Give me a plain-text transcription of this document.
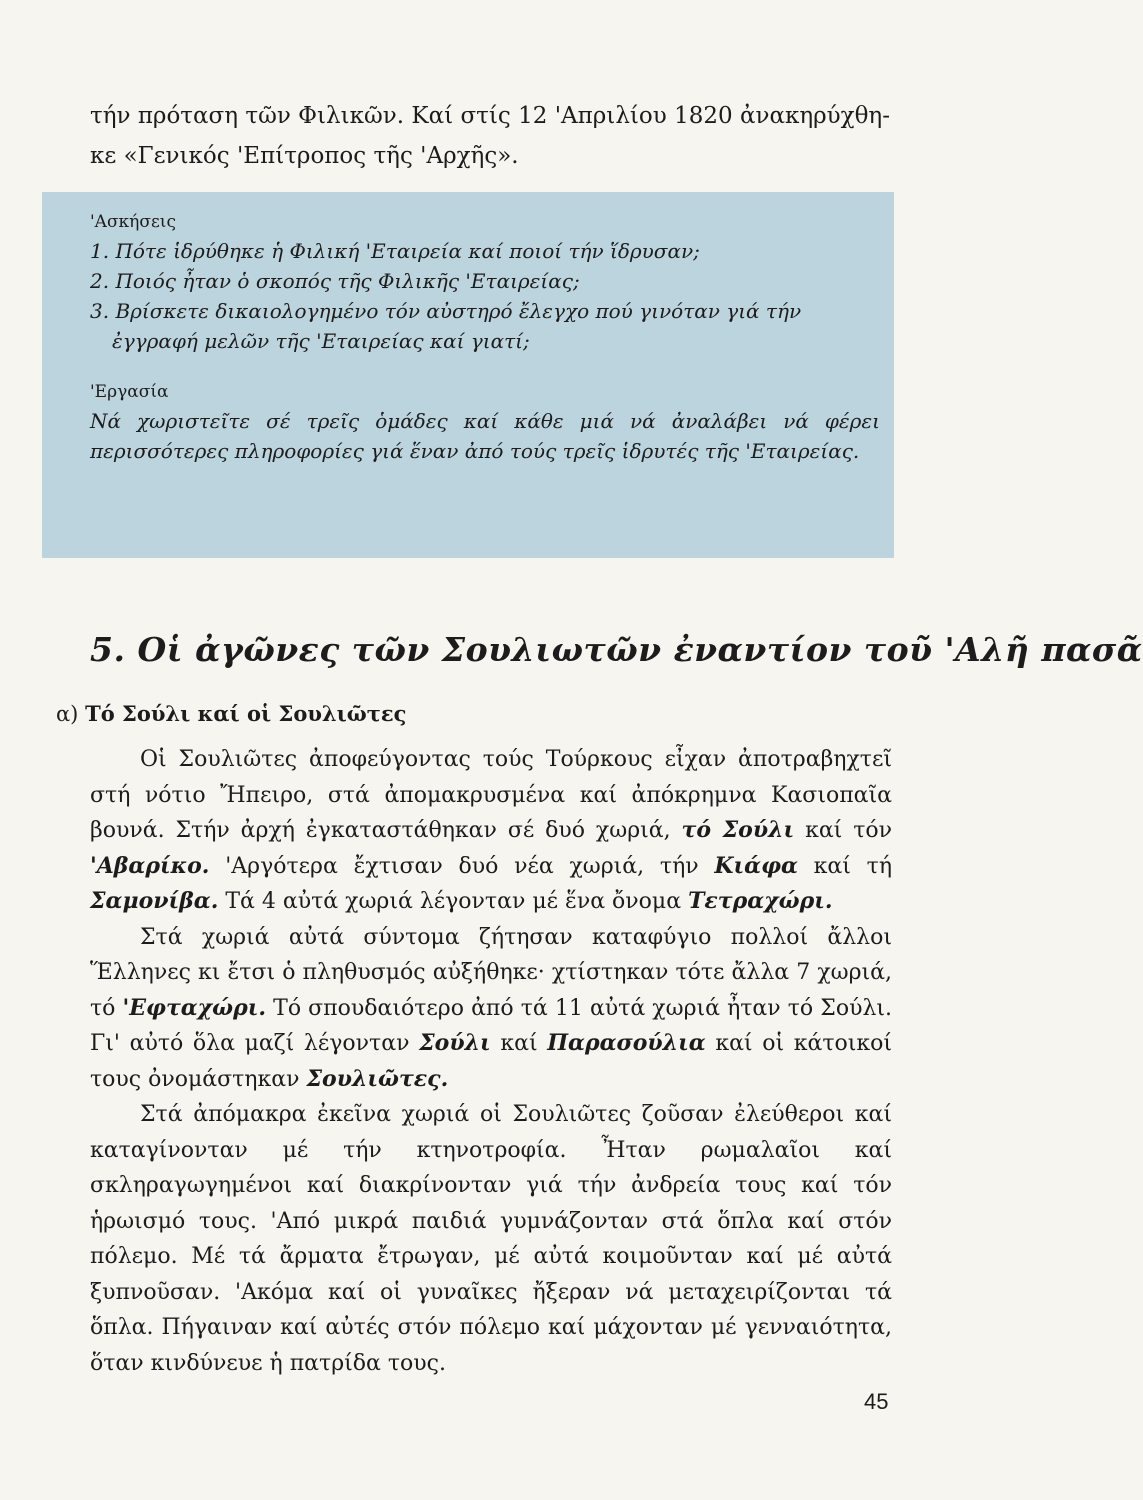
τήν πρόταση τῶν Φιλικῶν. Καί στίς 12 'Απριλίου 1820 ἀνακηρύχθη-

κε «Γενικός 'Επίτροπος τῆς 'Αρχῆς».

'Ασκήσεις

1. Πότε ἱδρύθηκε ἡ Φιλική 'Εταιρεία καί ποιοί τήν ἵδρυσαν;

2. Ποιός ἦταν ὁ σκοπός τῆς Φιλικῆς 'Εταιρείας;

3. Βρίσκετε δικαιολογημένο τόν αὐστηρό ἔλεγχο πού γινόταν γιά τήν

ἐγγραφή μελῶν τῆς 'Εταιρείας καί γιατί;

'Εργασία

Νά χωριστεῖτε σέ τρεῖς ὁμάδες καί κάθε μιά νά ἀναλάβει νά φέρει περισσότερες πληροφορίες γιά ἕναν ἀπό τούς τρεῖς ἱδρυτές τῆς 'Εταιρείας.

5. Οἱ ἀγῶνες τῶν Σουλιωτῶν ἐναντίον τοῦ 'Αλῆ πασᾶ

α) Τό Σούλι καί οἱ Σουλιῶτες

Οἱ Σουλιῶτες ἀποφεύγοντας τούς Τούρκους εἶχαν ἀποτραβηχτεῖ στή νότιο Ἤπειρο, στά ἀπομακρυσμένα καί ἀπόκρημνα Κασιοπαῖα βουνά. Στήν ἀρχή ἐγκαταστάθηκαν σέ δυό χωριά, τό Σούλι καί τόν 'Αβαρίκο. 'Αργότερα ἔχτισαν δυό νέα χωριά, τήν Κιάφα καί τή Σαμονίβα. Τά 4 αὐτά χωριά λέγονταν μέ ἕνα ὄνομα Τετραχώρι.

Στά χωριά αὐτά σύντομα ζήτησαν καταφύγιο πολλοί ἄλλοι Ἕλληνες κι ἔτσι ὁ πληθυσμός αὐξήθηκε· χτίστηκαν τότε ἄλλα 7 χωριά, τό 'Εφταχώρι. Τό σπουδαιότερο ἀπό τά 11 αὐτά χωριά ἦταν τό Σούλι. Γι' αὐτό ὅλα μαζί λέγονταν Σούλι καί Παρασούλια καί οἱ κάτοικοί τους ὀνομάστηκαν Σουλιῶτες.

Στά ἀπόμακρα ἐκεῖνα χωριά οἱ Σουλιῶτες ζοῦσαν ἐλεύθεροι καί καταγίνονταν μέ τήν κτηνοτροφία. Ἦταν ρωμαλαῖοι καί σκληραγωγημένοι καί διακρίνονταν γιά τήν ἀνδρεία τους καί τόν ἡρωισμό τους. 'Από μικρά παιδιά γυμνάζονταν στά ὅπλα καί στόν πόλεμο. Μέ τά ἄρματα ἔτρωγαν, μέ αὐτά κοιμοῦνταν καί μέ αὐτά ξυπνοῦσαν. 'Ακόμα καί οἱ γυναῖκες ἤξεραν νά μεταχειρίζονται τά ὅπλα. Πήγαιναν καί αὐτές στόν πόλεμο καί μάχονταν μέ γενναιότητα, ὅταν κινδύνευε ἡ πατρίδα τους.

45
